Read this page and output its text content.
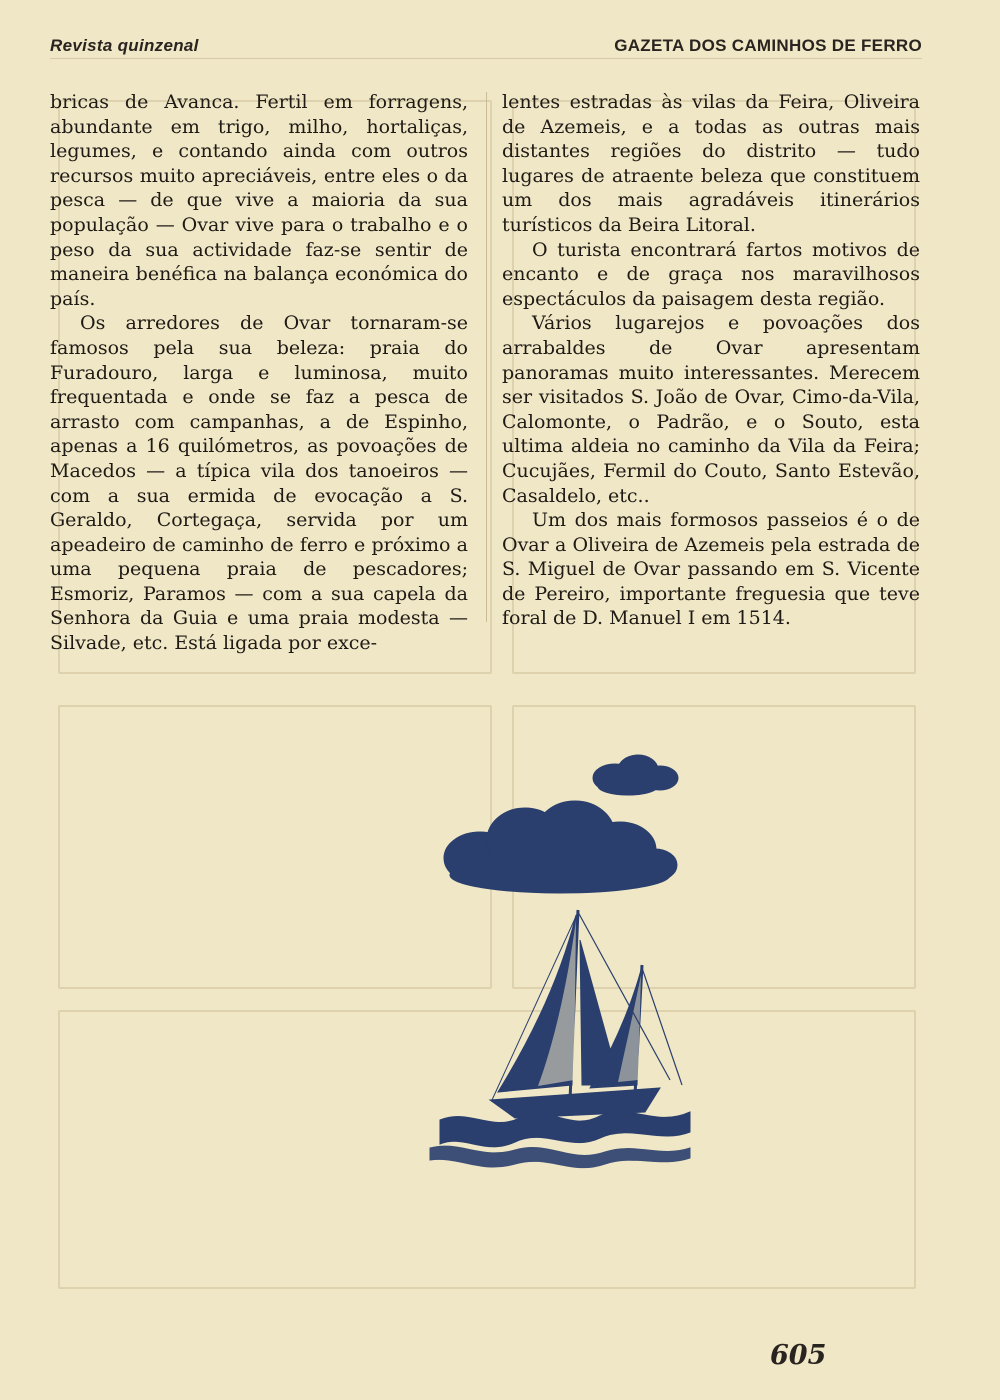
Revista quinzenal	GAZETA DOS CAMINHOS DE FERRO

bricas de Avanca. Fertil em forragens, abundante em trigo, milho, hortaliças, legumes, e contando ainda com outros recursos muito apreciáveis, entre eles o da pesca — de que vive a maioria da sua população — Ovar vive para o trabalho e o peso da sua actividade faz-se sentir de maneira benéfica na balança económica do país.

Os arredores de Ovar tornaram-se famosos pela sua beleza: praia do Furadouro, larga e luminosa, muito frequentada e onde se faz a pesca de arrasto com campanhas, a de Espinho, apenas a 16 quilómetros, as povoações de Macedos — a típica vila dos tanoeiros — com a sua ermida de evocação a S. Geraldo, Cortegaça, servida por um apeadeiro de caminho de ferro e próximo a uma pequena praia de pescadores; Esmoriz, Paramos — com a sua capela da Senhora da Guia e uma praia modesta — Silvade, etc. Está ligada por exce-

lentes estradas às vilas da Feira, Oliveira de Azemeis, e a todas as outras mais distantes regiões do distrito — tudo lugares de atraente beleza que constituem um dos mais agradáveis itinerários turísticos da Beira Litoral.

O turista encontrará fartos motivos de encanto e de graça nos maravilhosos espectáculos da paisagem desta região.

Vários lugarejos e povoações dos arrabaldes de Ovar apresentam panoramas muito interessantes. Merecem ser visitados S. João de Ovar, Cimo-da-Vila, Calomonte, o Padrão, e o Souto, esta ultima aldeia no caminho da Vila da Feira; Cucujães, Fermil do Couto, Santo Estevão, Casaldelo, etc..

Um dos mais formosos passeios é o de Ovar a Oliveira de Azemeis pela estrada de S. Miguel de Ovar passando em S. Vicente de Pereiro, importante freguesia que teve foral de D. Manuel I em 1514.

605
